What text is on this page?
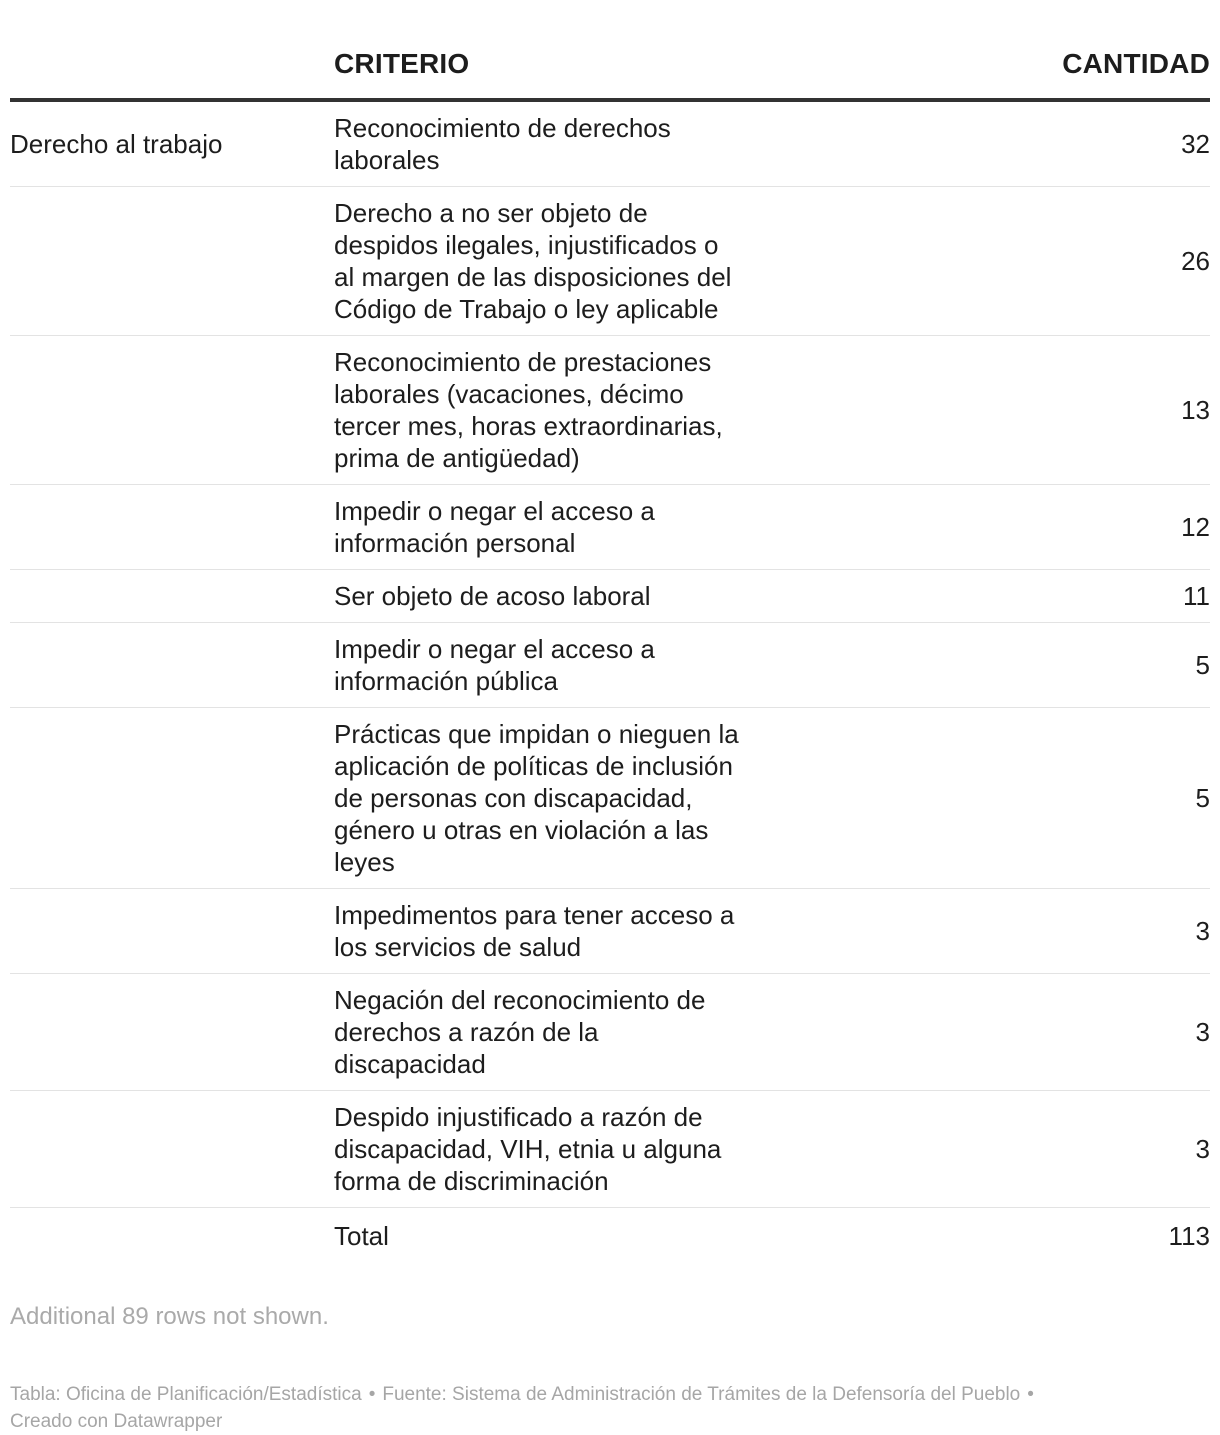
	CRITERIO	CANTIDAD
Derecho al trabajo	Reconocimiento de derechos laborales	32
	Derecho a no ser objeto de despidos ilegales, injustificados o al margen de las disposiciones del Código de Trabajo o ley aplicable	26
	Reconocimiento de prestaciones laborales (vacaciones, décimo tercer mes, horas extraordinarias, prima de antigüedad)	13
	Impedir o negar el acceso a información personal	12
	Ser objeto de acoso laboral	11
	Impedir o negar el acceso a información pública	5
	Prácticas que impidan o nieguen la aplicación de políticas de inclusión de personas con discapacidad, género u otras en violación a las leyes	5
	Impedimentos para tener acceso a los servicios de salud	3
	Negación del reconocimiento de derechos a razón de la discapacidad	3
	Despido injustificado a razón de discapacidad, VIH, etnia u alguna forma de discriminación	3
	Total	113
Additional 89 rows not shown.
Tabla: Oficina de Planificación/Estadística • Fuente: Sistema de Administración de Trámites de la Defensoría del Pueblo •
Creado con Datawrapper
